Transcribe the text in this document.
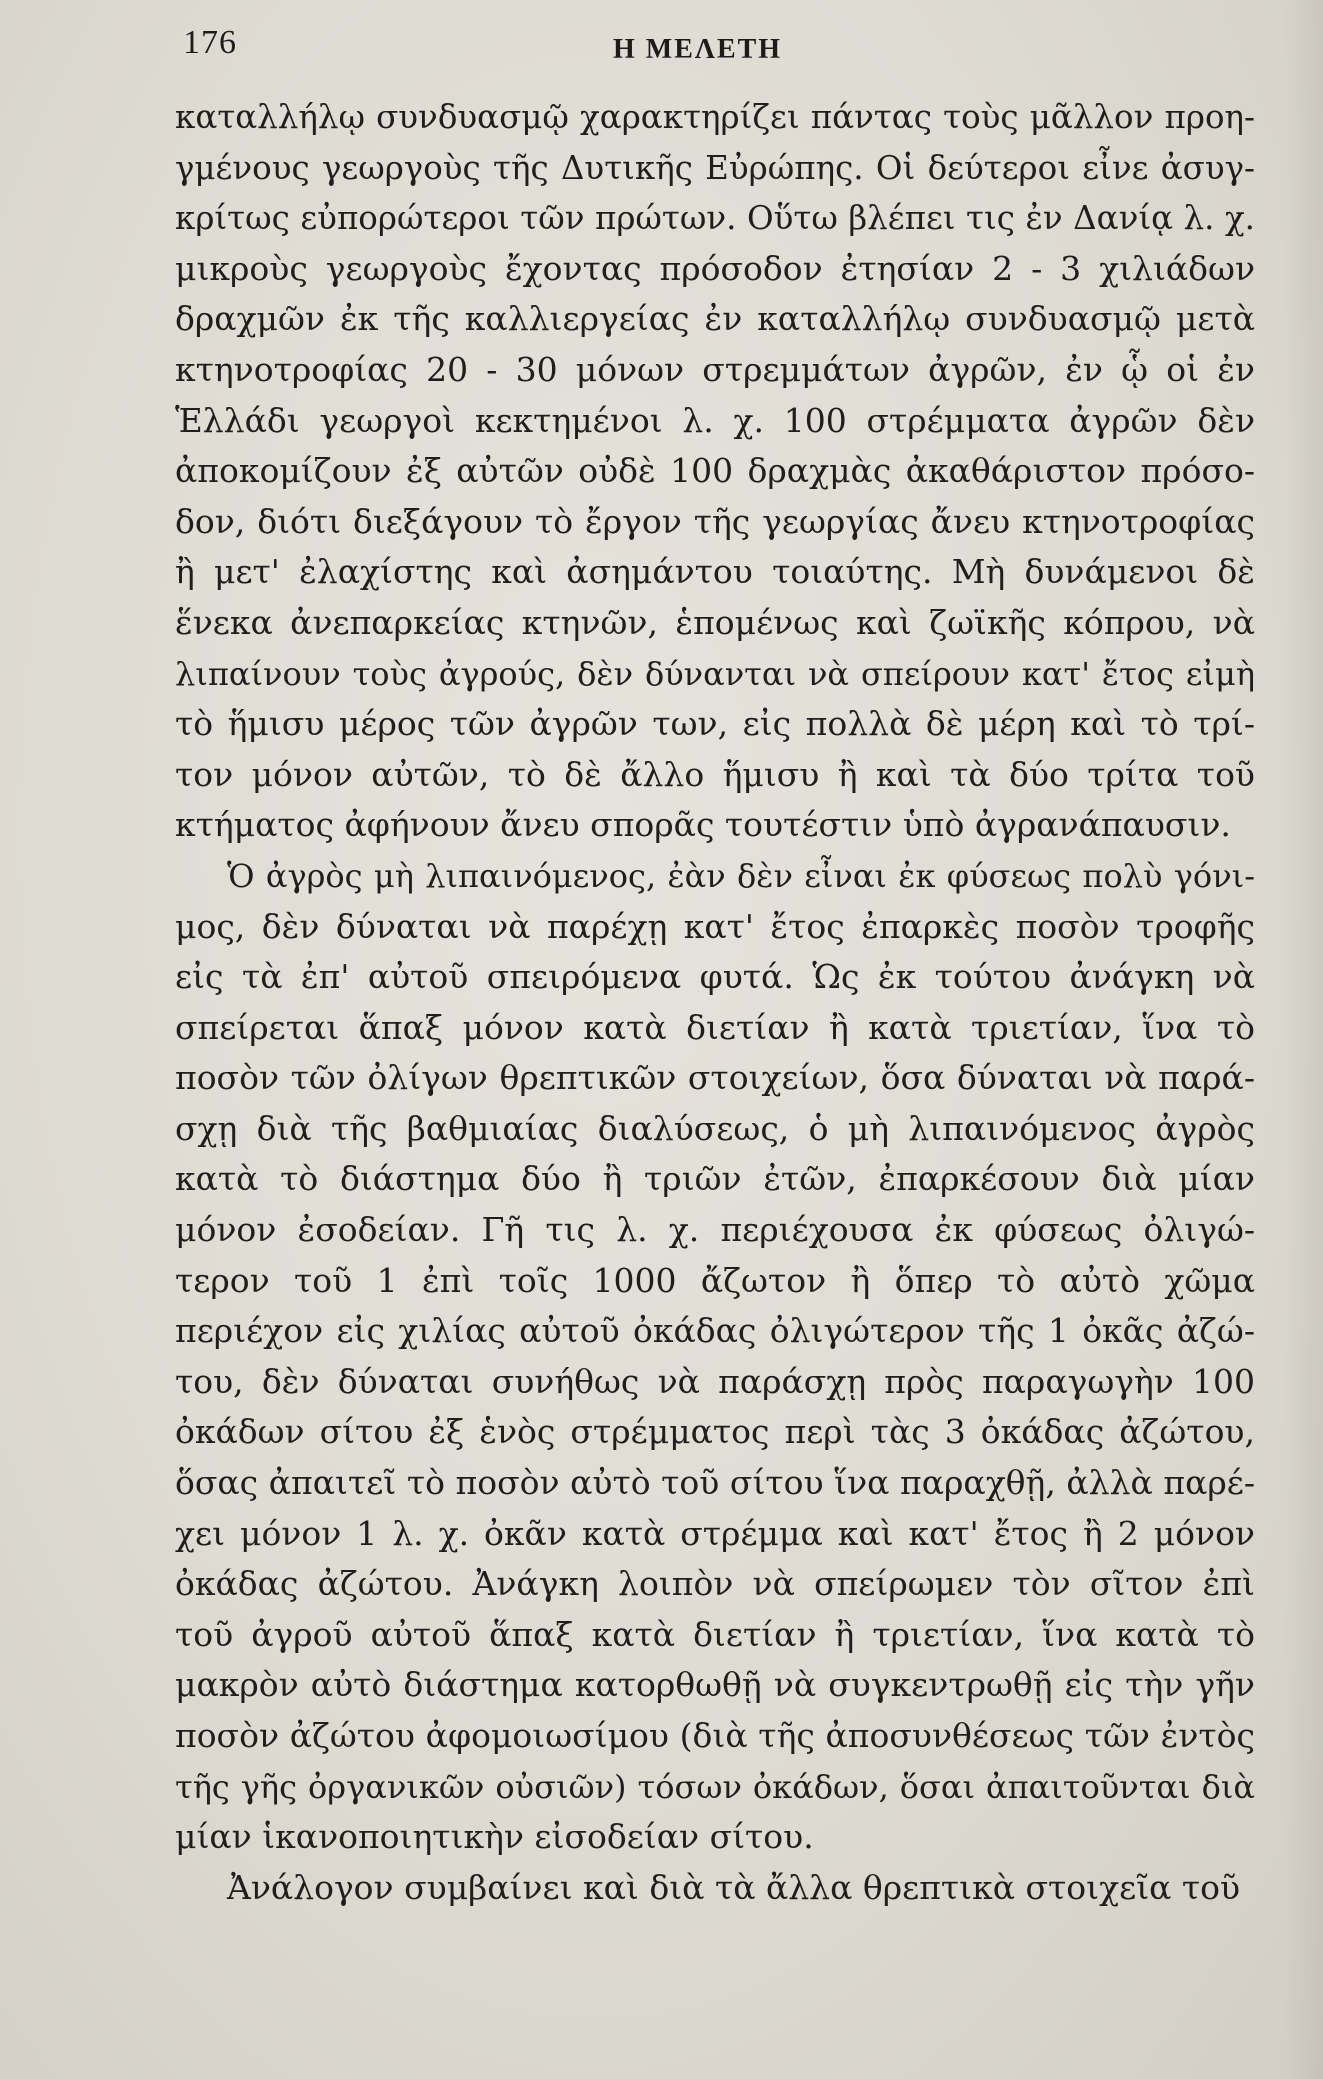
176	Η ΜΕΛΕΤΗ
καταλλήλῳ συνδυασμῷ χαρακτηρίζει πάντας τοὺς μᾶλλον προη-
γμένους γεωργοὺς τῆς Δυτικῆς Εὐρώπης. Οἱ δεύτεροι εἶνε ἀσυγ-
κρίτως εὐπορώτεροι τῶν πρώτων. Οὕτω βλέπει τις ἐν Δανίᾳ λ. χ.
μικροὺς γεωργοὺς ἔχοντας πρόσοδον ἐτησίαν 2 - 3 χιλιάδων
δραχμῶν ἐκ τῆς καλλιεργείας ἐν καταλλήλῳ συνδυασμῷ μετὰ
κτηνοτροφίας 20 - 30 μόνων στρεμμάτων ἀγρῶν, ἐν ᾧ οἱ ἐν
Ἑλλάδι γεωργοὶ κεκτημένοι λ. χ. 100 στρέμματα ἀγρῶν δὲν
ἀποκομίζουν ἐξ αὐτῶν οὐδὲ 100 δραχμὰς ἀκαθάριστον πρόσο-
δον, διότι διεξάγουν τὸ ἔργον τῆς γεωργίας ἄνευ κτηνοτροφίας
ἢ μετ' ἐλαχίστης καὶ ἀσημάντου τοιαύτης. Μὴ δυνάμενοι δὲ
ἕνεκα ἀνεπαρκείας κτηνῶν, ἑπομένως καὶ ζωϊκῆς κόπρου, νὰ
λιπαίνουν τοὺς ἀγρούς, δὲν δύνανται νὰ σπείρουν κατ' ἔτος εἰμὴ
τὸ ἥμισυ μέρος τῶν ἀγρῶν των, εἰς πολλὰ δὲ μέρη καὶ τὸ τρί-
τον μόνον αὐτῶν, τὸ δὲ ἄλλο ἥμισυ ἢ καὶ τὰ δύο τρίτα τοῦ
κτήματος ἀφήνουν ἄνευ σπορᾶς τουτέστιν ὑπὸ ἀγρανάπαυσιν.
Ὁ ἀγρὸς μὴ λιπαινόμενος, ἐὰν δὲν εἶναι ἐκ φύσεως πολὺ γόνι-
μος, δὲν δύναται νὰ παρέχῃ κατ' ἔτος ἐπαρκὲς ποσὸν τροφῆς
εἰς τὰ ἐπ' αὐτοῦ σπειρόμενα φυτά. Ὡς ἐκ τούτου ἀνάγκη νὰ
σπείρεται ἅπαξ μόνον κατὰ διετίαν ἢ κατὰ τριετίαν, ἵνα τὸ
ποσὸν τῶν ὀλίγων θρεπτικῶν στοιχείων, ὅσα δύναται νὰ παρά-
σχῃ διὰ τῆς βαθμιαίας διαλύσεως, ὁ μὴ λιπαινόμενος ἀγρὸς
κατὰ τὸ διάστημα δύο ἢ τριῶν ἐτῶν, ἐπαρκέσουν διὰ μίαν
μόνον ἐσοδείαν. Γῆ τις λ. χ. περιέχουσα ἐκ φύσεως ὀλιγώ-
τερον τοῦ 1 ἐπὶ τοῖς 1000 ἄζωτον ἢ ὅπερ τὸ αὐτὸ χῶμα
περιέχον εἰς χιλίας αὐτοῦ ὀκάδας ὀλιγώτερον τῆς 1 ὀκᾶς ἀζώ-
του, δὲν δύναται συνήθως νὰ παράσχῃ πρὸς παραγωγὴν 100
ὀκάδων σίτου ἐξ ἑνὸς στρέμματος περὶ τὰς 3 ὀκάδας ἀζώτου,
ὅσας ἀπαιτεῖ τὸ ποσὸν αὐτὸ τοῦ σίτου ἵνα παραχθῇ, ἀλλὰ παρέ-
χει μόνον 1 λ. χ. ὀκᾶν κατὰ στρέμμα καὶ κατ' ἔτος ἢ 2 μόνον
ὀκάδας ἀζώτου. Ἀνάγκη λοιπὸν νὰ σπείρωμεν τὸν σῖτον ἐπὶ
τοῦ ἀγροῦ αὐτοῦ ἅπαξ κατὰ διετίαν ἢ τριετίαν, ἵνα κατὰ τὸ
μακρὸν αὐτὸ διάστημα κατορθωθῇ νὰ συγκεντρωθῇ εἰς τὴν γῆν
ποσὸν ἀζώτου ἀφομοιωσίμου (διὰ τῆς ἀποσυνθέσεως τῶν ἐντὸς
τῆς γῆς ὀργανικῶν οὐσιῶν) τόσων ὀκάδων, ὅσαι ἀπαιτοῦνται διὰ
μίαν ἱκανοποιητικὴν εἰσοδείαν σίτου.
Ἀνάλογον συμβαίνει καὶ διὰ τὰ ἄλλα θρεπτικὰ στοιχεῖα τοῦ
